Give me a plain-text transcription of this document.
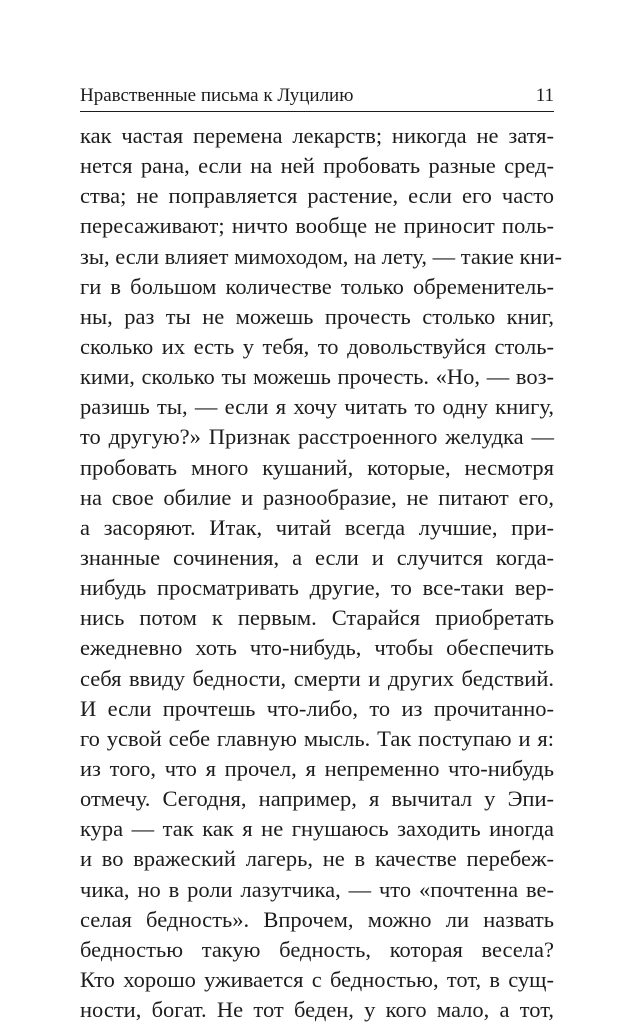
Нравственные письма к Луцилию	11
как частая перемена лекарств; никогда не затя-
нется рана, если на ней пробовать разные сред-
ства; не поправляется растение, если его часто
пересаживают; ничто вообще не приносит поль-
зы, если влияет мимоходом, на лету, — такие кни-
ги в большом количестве только обременитель-
ны, раз ты не можешь прочесть столько книг,
сколько их есть у тебя, то довольствуйся столь-
кими, сколько ты можешь прочесть. «Но, — воз-
разишь ты, — если я хочу читать то одну книгу,
то другую?» Признак расстроенного желудка —
пробовать много кушаний, которые, несмотря
на свое обилие и разнообразие, не питают его,
а засоряют. Итак, читай всегда лучшие, при-
знанные сочинения, а если и случится когда-
нибудь просматривать другие, то все-таки вер-
нись потом к первым. Старайся приобретать
ежедневно хоть что-нибудь, чтобы обеспечить
себя ввиду бедности, смерти и других бедствий.
И если прочтешь что-либо, то из прочитанно-
го усвой себе главную мысль. Так поступаю и я:
из того, что я прочел, я непременно что-нибудь
отмечу. Сегодня, например, я вычитал у Эпи-
кура — так как я не гнушаюсь заходить иногда
и во вражеский лагерь, не в качестве перебеж-
чика, но в роли лазутчика, — что «почтенна ве-
селая бедность». Впрочем, можно ли назвать
бедностью такую бедность, которая весела?
Кто хорошо уживается с бедностью, тот, в сущ-
ности, богат. Не тот беден, у кого мало, а тот,
